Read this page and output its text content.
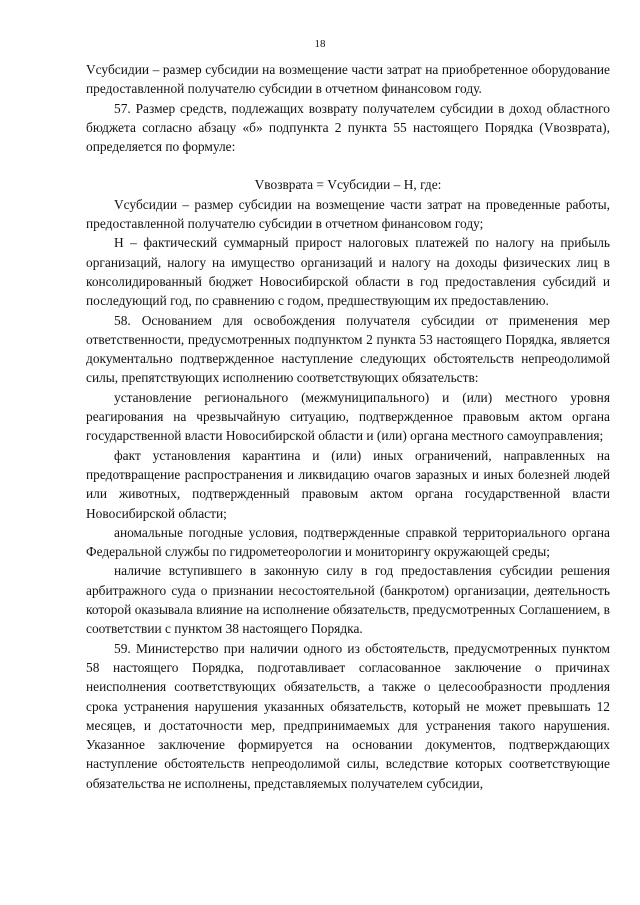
18

Vсубсидии – размер субсидии на возмещение части затрат на приобретенное оборудование предоставленной получателю субсидии в отчетном финансовом году.

57. Размер средств, подлежащих возврату получателем субсидии в доход областного бюджета согласно абзацу «б» подпункта 2 пункта 55 настоящего Порядка (Vвозврата), определяется по формуле:

Vвозврата = Vсубсидии – Н, где:

Vсубсидии – размер субсидии на возмещение части затрат на проведенные работы, предоставленной получателю субсидии в отчетном финансовом году;

Н – фактический суммарный прирост налоговых платежей по налогу на прибыль организаций, налогу на имущество организаций и налогу на доходы физических лиц в консолидированный бюджет Новосибирской области в год предоставления субсидий и последующий год, по сравнению с годом, предшествующим их предоставлению.

58. Основанием для освобождения получателя субсидии от применения мер ответственности, предусмотренных подпунктом 2 пункта 53 настоящего Порядка, является документально подтвержденное наступление следующих обстоятельств непреодолимой силы, препятствующих исполнению соответствующих обязательств:

установление регионального (межмуниципального) и (или) местного уровня реагирования на чрезвычайную ситуацию, подтвержденное правовым актом органа государственной власти Новосибирской области и (или) органа местного самоуправления;

факт установления карантина и (или) иных ограничений, направленных на предотвращение распространения и ликвидацию очагов заразных и иных болезней людей или животных, подтвержденный правовым актом органа государственной власти Новосибирской области;

аномальные погодные условия, подтвержденные справкой территориального органа Федеральной службы по гидрометеорологии и мониторингу окружающей среды;

наличие вступившего в законную силу в год предоставления субсидии решения арбитражного суда о признании несостоятельной (банкротом) организации, деятельность которой оказывала влияние на исполнение обязательств, предусмотренных Соглашением, в соответствии с пунктом 38 настоящего Порядка.

59. Министерство при наличии одного из обстоятельств, предусмотренных пунктом 58 настоящего Порядка, подготавливает согласованное заключение о причинах неисполнения соответствующих обязательств, а также о целесообразности продления срока устранения нарушения указанных обязательств, который не может превышать 12 месяцев, и достаточности мер, предпринимаемых для устранения такого нарушения. Указанное заключение формируется на основании документов, подтверждающих наступление обстоятельств непреодолимой силы, вследствие которых соответствующие обязательства не исполнены, представляемых получателем субсидии,
